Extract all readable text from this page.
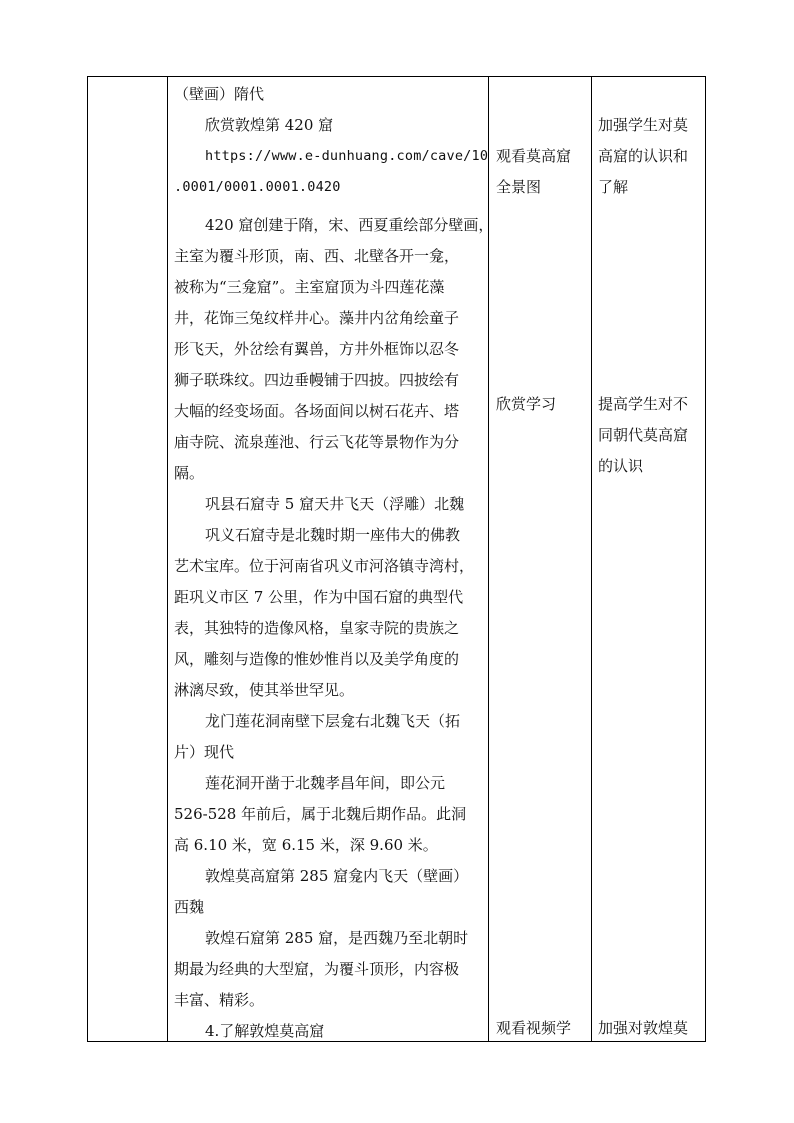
（壁画）隋代
欣赏敦煌第 420 窟
https://www.e-dunhuang.com/cave/10
.0001/0001.0001.0420
420 窟创建于隋，宋、西夏重绘部分壁画，
主室为覆斗形顶，南、西、北壁各开一龛，
被称为“三龛窟”。主室窟顶为斗四莲花藻
井，花饰三兔纹样井心。藻井内岔角绘童子
形飞天，外岔绘有翼兽，方井外框饰以忍冬
狮子联珠纹。四边垂幔铺于四披。四披绘有
大幅的经变场面。各场面间以树石花卉、塔
庙寺院、流泉莲池、行云飞花等景物作为分
隔。
巩县石窟寺 5 窟天井飞天（浮雕）北魏
巩义石窟寺是北魏时期一座伟大的佛教
艺术宝库。位于河南省巩义市河洛镇寺湾村，
距巩义市区 7 公里，作为中国石窟的典型代
表，其独特的造像风格，皇家寺院的贵族之
风，雕刻与造像的惟妙惟肖以及美学角度的
淋漓尽致，使其举世罕见。
龙门莲花洞南壁下层龛右北魏飞天（拓
片）现代
莲花洞开凿于北魏孝昌年间，即公元
526-528 年前后，属于北魏后期作品。此洞
高 6.10 米，宽 6.15 米，深 9.60 米。
敦煌莫高窟第 285 窟龛内飞天（壁画）
西魏
敦煌石窟第 285 窟，是西魏乃至北朝时
期最为经典的大型窟，为覆斗顶形，内容极
丰富、精彩。
4.了解敦煌莫高窟
观看莫高窟
全景图
欣赏学习
观看视频学
加强学生对莫
高窟的认识和
了解
提高学生对不
同朝代莫高窟
的认识
加强对敦煌莫
